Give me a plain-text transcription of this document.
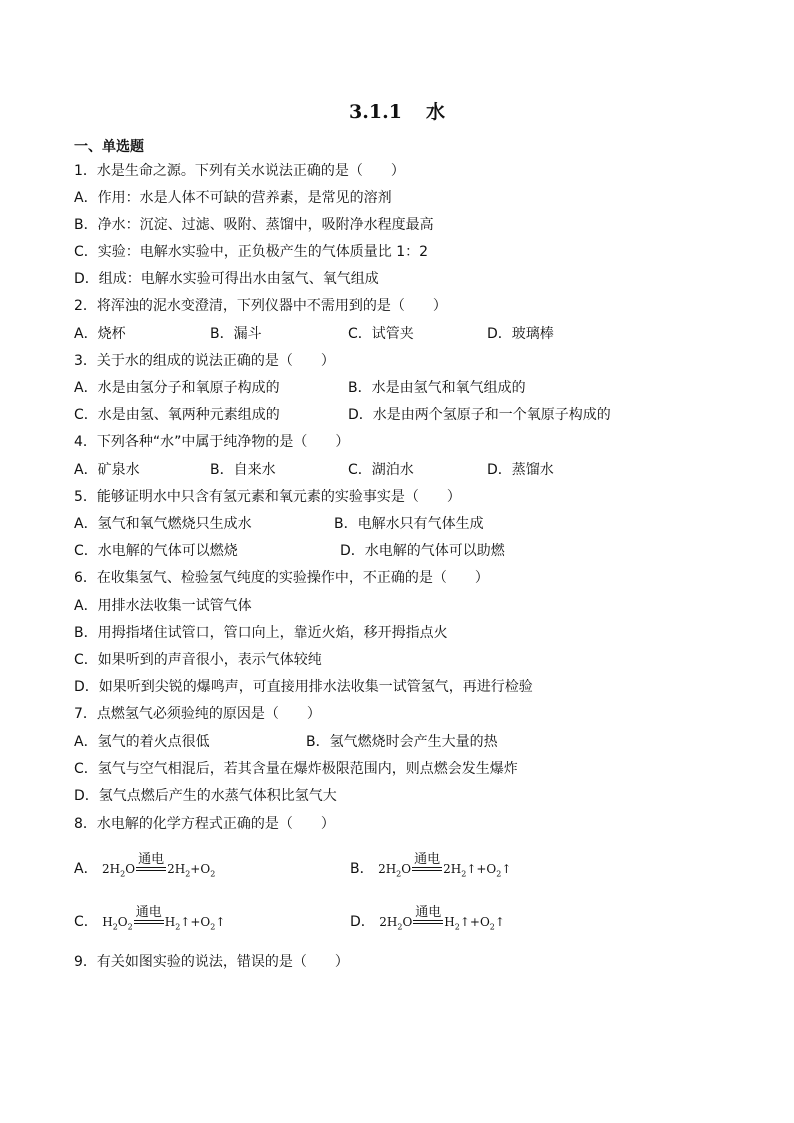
3.1.1 水
一、单选题
1．水是生命之源。下列有关水说法正确的是（　　）
A．作用：水是人体不可缺的营养素，是常见的溶剂
B．净水：沉淀、过滤、吸附、蒸馏中，吸附净水程度最高
C．实验：电解水实验中，正负极产生的气体质量比 1：2
D．组成：电解水实验可得出水由氢气、氧气组成
2．将浑浊的泥水变澄清，下列仪器中不需用到的是（　　）
A．烧杯	B．漏斗	C．试管夹	D．玻璃棒
3．关于水的组成的说法正确的是（　　）
A．水是由氢分子和氧原子构成的	B．水是由氢气和氧气组成的
C．水是由氢、氧两种元素组成的	D．水是由两个氢原子和一个氧原子构成的
4．下列各种“水”中属于纯净物的是（　　）
A．矿泉水	B．自来水	C．湖泊水	D．蒸馏水
5．能够证明水中只含有氢元素和氧元素的实验事实是（　　）
A．氢气和氧气燃烧只生成水	B．电解水只有气体生成
C．水电解的气体可以燃烧	D．水电解的气体可以助燃
6．在收集氢气、检验氢气纯度的实验操作中，不正确的是（　　）
A．用排水法收集一试管气体
B．用拇指堵住试管口，管口向上，靠近火焰，移开拇指点火
C．如果听到的声音很小，表示气体较纯
D．如果听到尖锐的爆鸣声，可直接用排水法收集一试管氢气，再进行检验
7．点燃氢气必须验纯的原因是（　　）
A．氢气的着火点很低	B．氢气燃烧时会产生大量的热
C．氢气与空气相混后，若其含量在爆炸极限范围内，则点燃会发生爆炸
D．氢气点燃后产生的水蒸气体积比氢气大
8．水电解的化学方程式正确的是（　　）
A． $2H_2O$
通电
$2H_2+O_2$	B． $2H_2O$
通电
$2H_2↑+O_2↑$
C． $H_2O_2$
通电
$H_2↑+O_2↑$	D． $2H_2O$
通电
$H_2↑+O_2↑$
9．有关如图实验的说法，错误的是（　　）
